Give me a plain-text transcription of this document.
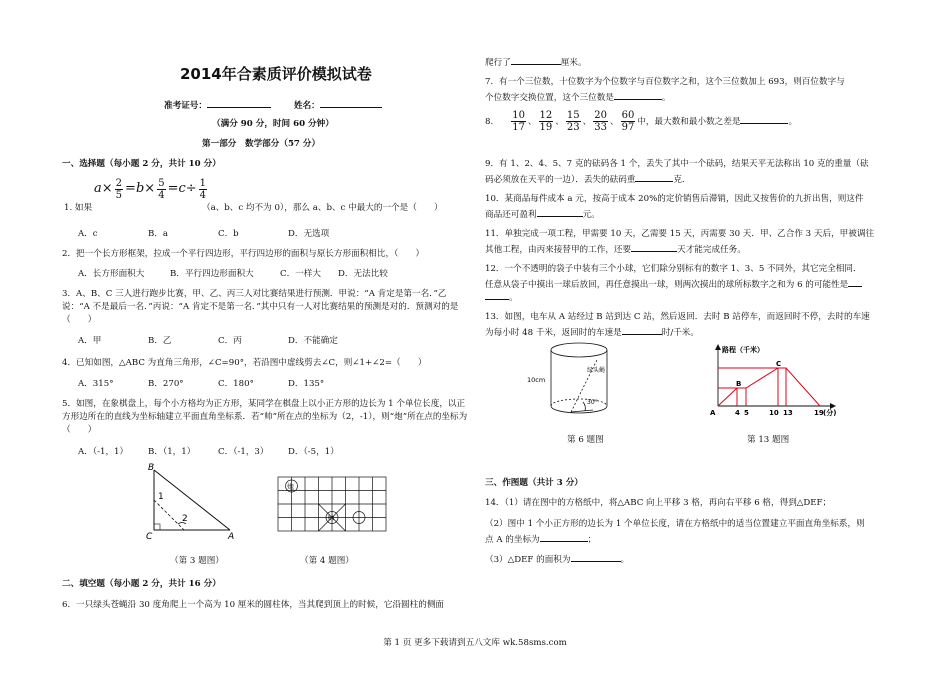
2014年合素质评价模拟试卷
准考证号：	姓名：
（满分 90 分，时间 60 分钟）
第一部分　数学部分（57 分）
一、选择题（每小题 2 分，共计 10 分）
$a\times \frac{2}{5} =b\times \frac{5}{4} =c\div \frac{1}{4}$
1. 如果	（a、b、c 均不为 0），那么 a、b、c 中最大的一个是（　　）
A．c	B．a	C．b	D．无选项
2．把一个长方形框架，拉成一个平行四边形，平行四边形的面积与原长方形面积相比，（　　）
A．长方形面积大	B．平行四边形面积大	C．一样大 D．无法比较
3．A、B、C 三人进行跑步比赛，甲、乙、丙三人对比赛结果进行预测．甲说：“A 肯定是第一名．”乙说：“A 不是最后一名．”丙说：“A 肯定不是第一名．”其中只有一人对比赛结果的预测是对的．预测对的是（　　）
A．甲	B．乙	C．丙	D．不能确定
4．已知如图，△ABC 为直角三角形，∠C=90°，若沿图中虚线剪去∠C，则∠1+∠2=（　　）
A．315°	B．270°	C．180°	D．135°
5．如图，在象棋盘上，每个小方格均为正方形，某同学在棋盘上以小正方形的边长为 1 个单位长度，以正方形边所在的直线为坐标轴建立平面直角坐标系．若“帅”所在点的坐标为（2，-1），则“炮”所在点的坐标为（　　）
A．（-1，1） B．（1，1）	C．（-1，3） D．（-5，1）
B
C	A
1
2
（第 3 题图）
炮
帅
（第 4 题图）
二、填空题（每小题 2 分，共计 16 分）
6．一只绿头苍蝇沿 30 度角爬上一个高为 10 厘米的圆柱体，当其爬到顶上的时候，它沿圆柱的侧面
爬行了	厘米。
7．有一个三位数，十位数字为个位数字与百位数字之和，这个三位数加上 693，则百位数字与
个位数字交换位置，这个三位数是	。
8. $\frac{10}{17}$ 、 $\frac{12}{19}$ 、 $\frac{15}{23}$ 、 $\frac{20}{33}$ 、 $\frac{60}{97}$ 中，最大数和最小数之差是	。
9．有 1、2、4、5、7 克的砝码各 1 个，丢失了其中一个砝码，结果天平无法称出 10 克的重量（砝
码必须放在天平的一边）．丢失的砝码重	克．
10．某商品每件成本 a 元，按高于成本 20%的定价销售后滞销，因此又按售价的九折出售，则这件
商品还可盈利	元。
11．单独完成一项工程，甲需要 10 天，乙需要 15 天，丙需要 30 天．甲、乙合作 3 天后，甲被调往
其他工程，由丙来接替甲的工作，还要	天才能完成任务。
12．一个不透明的袋子中装有三个小球，它们除分别标有的数字 1、3、5 不同外，其它完全相同．
任意从袋子中摸出一球后放回，再任意摸出一球，则两次摸出的球所标数字之和为 6 的可能性是
。
13．如图，电车从 A 站经过 B 站到达 C 站，然后返回．去时 B 站停车，而返回时不停，去时的车速
为每小时 48 千米，返回时的车速是	时/千米。
10cm
绿头蝇
30°
第 6 题图
路程（千米）
A
B
C
4 5	10 13	19 (分)
第 13 题图
三、作图题（共计 3 分）
14．（1）请在图中的方格纸中，将△ABC 向上平移 3 格，再向右平移 6 格，得到△DEF；
（2）图中 1 个小正方形的边长为 1 个单位长度，请在方格纸中的适当位置建立平面直角坐标系，则
点 A 的坐标为	；
（3）△DEF 的面积为	。
第 1 页 更多下载请到五八文库 wk.58sms.com
